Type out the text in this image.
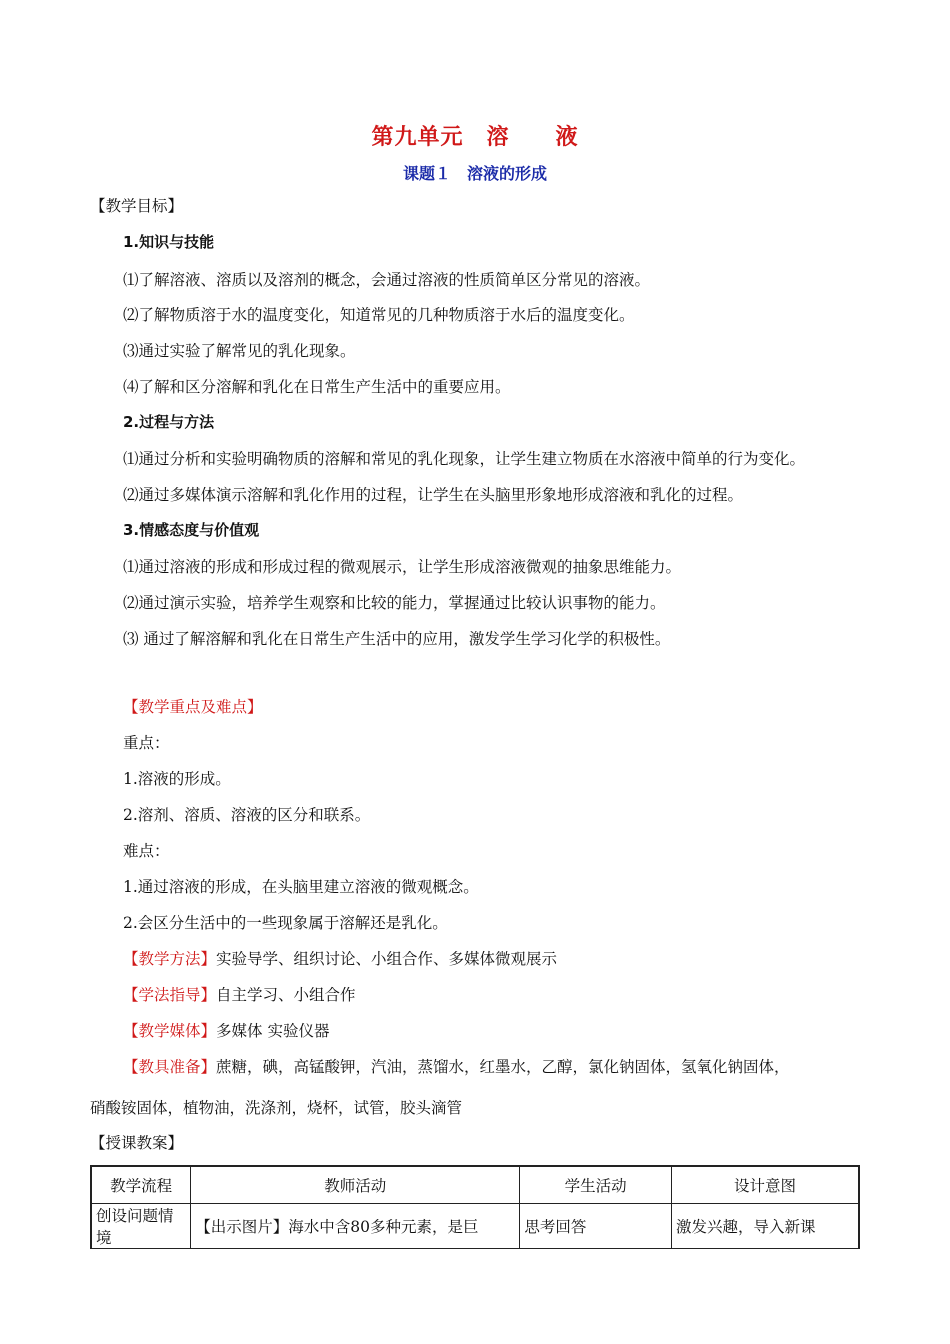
第九单元　溶　　液
课题１　溶液的形成
【教学目标】
1.知识与技能
⑴了解溶液、溶质以及溶剂的概念，会通过溶液的性质简单区分常见的溶液。
⑵了解物质溶于水的温度变化，知道常见的几种物质溶于水后的温度变化。
⑶通过实验了解常见的乳化现象。
⑷了解和区分溶解和乳化在日常生产生活中的重要应用。
2.过程与方法
⑴通过分析和实验明确物质的溶解和常见的乳化现象，让学生建立物质在水溶液中简单的行为变化。
⑵通过多媒体演示溶解和乳化作用的过程，让学生在头脑里形象地形成溶液和乳化的过程。
3.情感态度与价值观
⑴通过溶液的形成和形成过程的微观展示，让学生形成溶液微观的抽象思维能力。
⑵通过演示实验，培养学生观察和比较的能力，掌握通过比较认识事物的能力。
⑶ 通过了解溶解和乳化在日常生产生活中的应用，激发学生学习化学的积极性。
【教学重点及难点】
重点：
1.溶液的形成。
2.溶剂、溶质、溶液的区分和联系。
难点：
1.通过溶液的形成，在头脑里建立溶液的微观概念。
2.会区分生活中的一些现象属于溶解还是乳化。
【教学方法】实验导学、组织讨论、小组合作、多媒体微观展示
【学法指导】自主学习、小组合作
【教学媒体】多媒体 实验仪器
【教具准备】蔗糖，碘，高锰酸钾，汽油，蒸馏水，红墨水，乙醇，氯化钠固体，氢氧化钠固体，
硝酸铵固体，植物油，洗涤剂，烧杯，试管，胶头滴管
【授课教案】
教学流程	教师活动	学生活动	设计意图
创设问题情境	【出示图片】海水中含80多种元素，是巨	思考回答	激发兴趣，导入新课
